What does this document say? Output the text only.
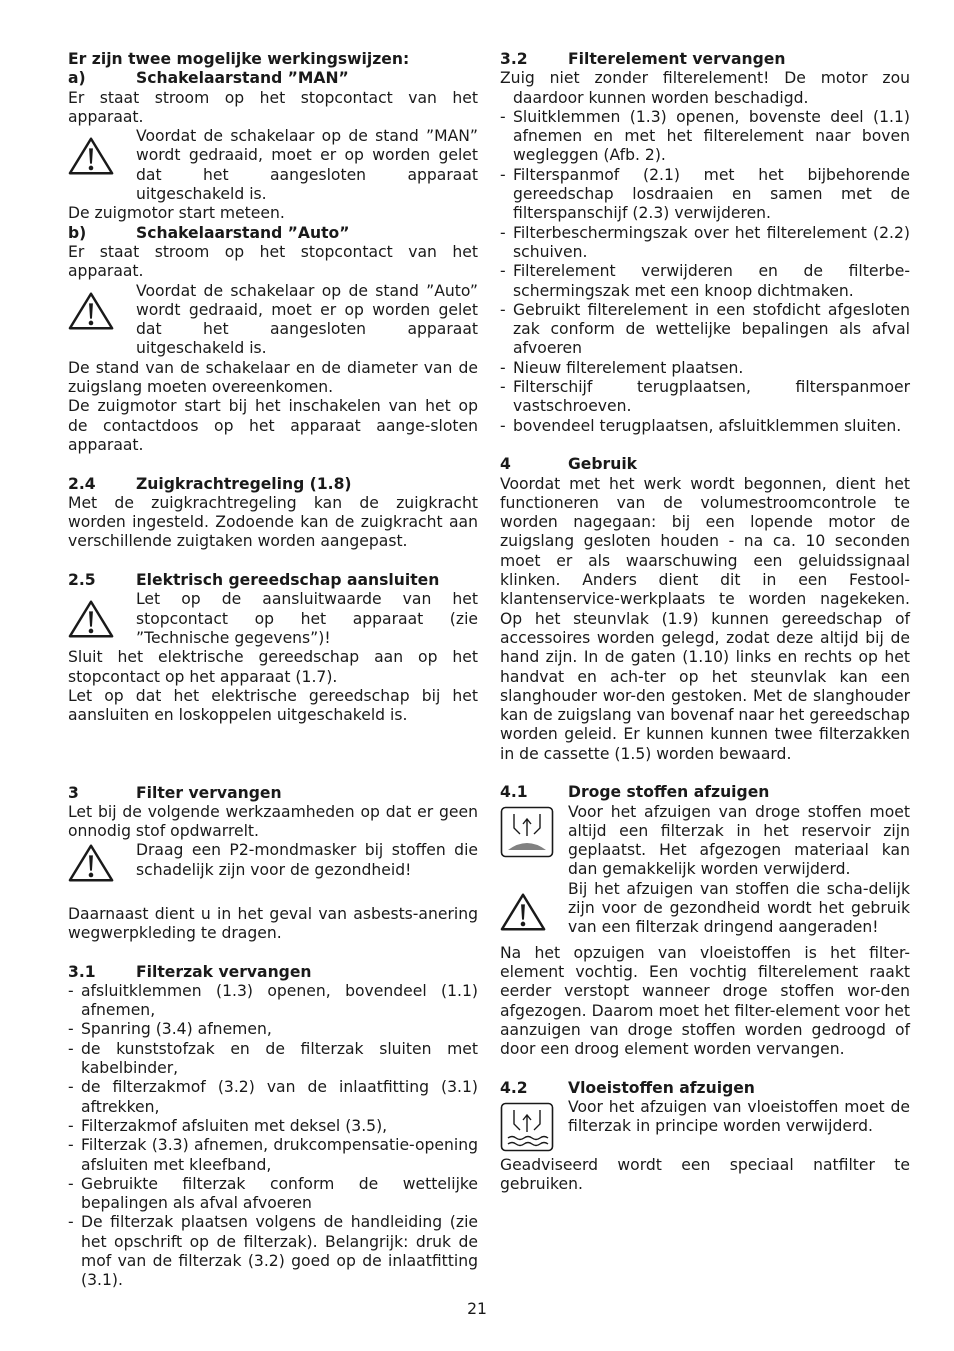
Er zijn twee mogelijke werkingswijzen:

a)	Schakelaarstand ”MAN”

Er staat stroom op het stopcontact van het apparaat.

Voordat de schakelaar op de stand ”MAN” wordt gedraaid, moet er op worden gelet dat het aangesloten apparaat uitgeschakeld is.

De zuigmotor start meteen.

b)	Schakelaarstand ”Auto”

Er staat stroom op het stopcontact van het apparaat.

Voordat de schakelaar op de stand ”Auto” wordt gedraaid, moet er op worden gelet dat het aangesloten apparaat uitgeschakeld is.

De stand van de schakelaar en de diameter van de zuigslang moeten overeenkomen.

De zuigmotor start bij het inschakelen van het op de contactdoos op het apparaat aange-sloten apparaat.

2.4	Zuigkrachtregeling (1.8)

Met de zuigkrachtregeling kan de zuigkracht worden ingesteld. Zodoende kan de zuigkracht aan verschillende zuigtaken worden aangepast.

2.5	Elektrisch gereedschap aansluiten

Let op de aansluitwaarde van het stopcontact op het apparaat (zie ”Technische gegevens”)!

Sluit het elektrische gereedschap aan op het stopcontact op het apparaat (1.7).

Let op dat het elektrische gereedschap bij het aansluiten en loskoppelen uitgeschakeld is.

3	Filter vervangen

Let bij de volgende werkzaamheden op dat er geen onnodig stof opdwarrelt.

Draag een P2-mondmasker bij stoffen die schadelijk zijn voor de gezondheid!

Daarnaast dient u in het geval van asbests-anering wegwerpkleding te dragen.

3.1	Filterzak vervangen

- afsluitklemmen (1.3) openen, bovendeel (1.1) afnemen,
- Spanring (3.4) afnemen,
- de kunststofzak en de filterzak sluiten met kabelbinder,
- de filterzakmof (3.2) van de inlaatfitting (3.1) aftrekken,
- Filterzakmof afsluiten met deksel (3.5),
- Filterzak (3.3) afnemen, drukcompensatie-opening afsluiten met kleefband,
- Gebruikte filterzak conform de wettelijke bepalingen als afval afvoeren
- De filterzak plaatsen volgens de handleiding (zie het opschrift op de filterzak). Belangrijk: druk de mof van de filterzak (3.2) goed op de inlaatfitting (3.1).

3.2	Filterelement vervangen

Zuig niet zonder filterelement! De motor zou daardoor kunnen worden beschadigd.

- Sluitklemmen (1.3) openen, bovenste deel (1.1) afnemen en met het filterelement naar boven wegleggen (Afb. 2).
- Filterspanmof (2.1) met het bijbehorende gereedschap losdraaien en samen met de filterspanschijf (2.3) verwijderen.
- Filterbeschermingszak over het filterelement (2.2) schuiven.
- Filterelement verwijderen en de filterbe-schermingszak met een knoop dichtmaken.
- Gebruikt filterelement in een stofdicht afgesloten zak conform de wettelijke bepalingen als afval afvoeren
- Nieuw filterelement plaatsen.
- Filterschijf terugplaatsen, filterspanmoer vastschroeven.
- bovendeel terugplaatsen, afsluitklemmen sluiten.

4	Gebruik

Voordat met het werk wordt begonnen, dient het functioneren van de volumestroomcontrole te worden nagegaan: bij een lopende motor de zuigslang gesloten houden - na ca. 10 seconden moet er als waarschuwing een geluidssignaal klinken. Anders dient dit in een Festool-klantenservice-werkplaats te worden nagekeken. Op het steunvlak (1.9) kunnen gereedschap of accessoires worden gelegd, zodat deze altijd bij de hand zijn. In de gaten (1.10) links en rechts op het handvat en ach-ter op het steunvlak kan een slanghouder wor-den gestoken. Met de slanghouder kan de zuigslang van bovenaf naar het gereedschap worden geleid. Er kunnen kunnen twee filterzakken in de cassette (1.5) worden bewaard.

4.1	Droge stoffen afzuigen

Voor het afzuigen van droge stoffen moet altijd een filterzak in het reservoir zijn geplaatst. Het afgezogen materiaal kan dan gemakkelijk worden verwijderd.
Bij het afzuigen van stoffen die scha-delijk zijn voor de gezondheid wordt het gebruik van een filterzak dringend aangeraden!

Na het opzuigen van vloeistoffen is het filter-element vochtig. Een vochtig filterelement raakt eerder verstopt wanneer droge stoffen wor-den afgezogen. Daarom moet het filter-element voor het aanzuigen van droge stoffen worden gedroogd of door een droog element worden vervangen.

4.2	Vloeistoffen afzuigen

Voor het afzuigen van vloeistoffen moet de filterzak in principe worden verwijderd.

Geadviseerd wordt een speciaal natfilter te gebruiken.

21
